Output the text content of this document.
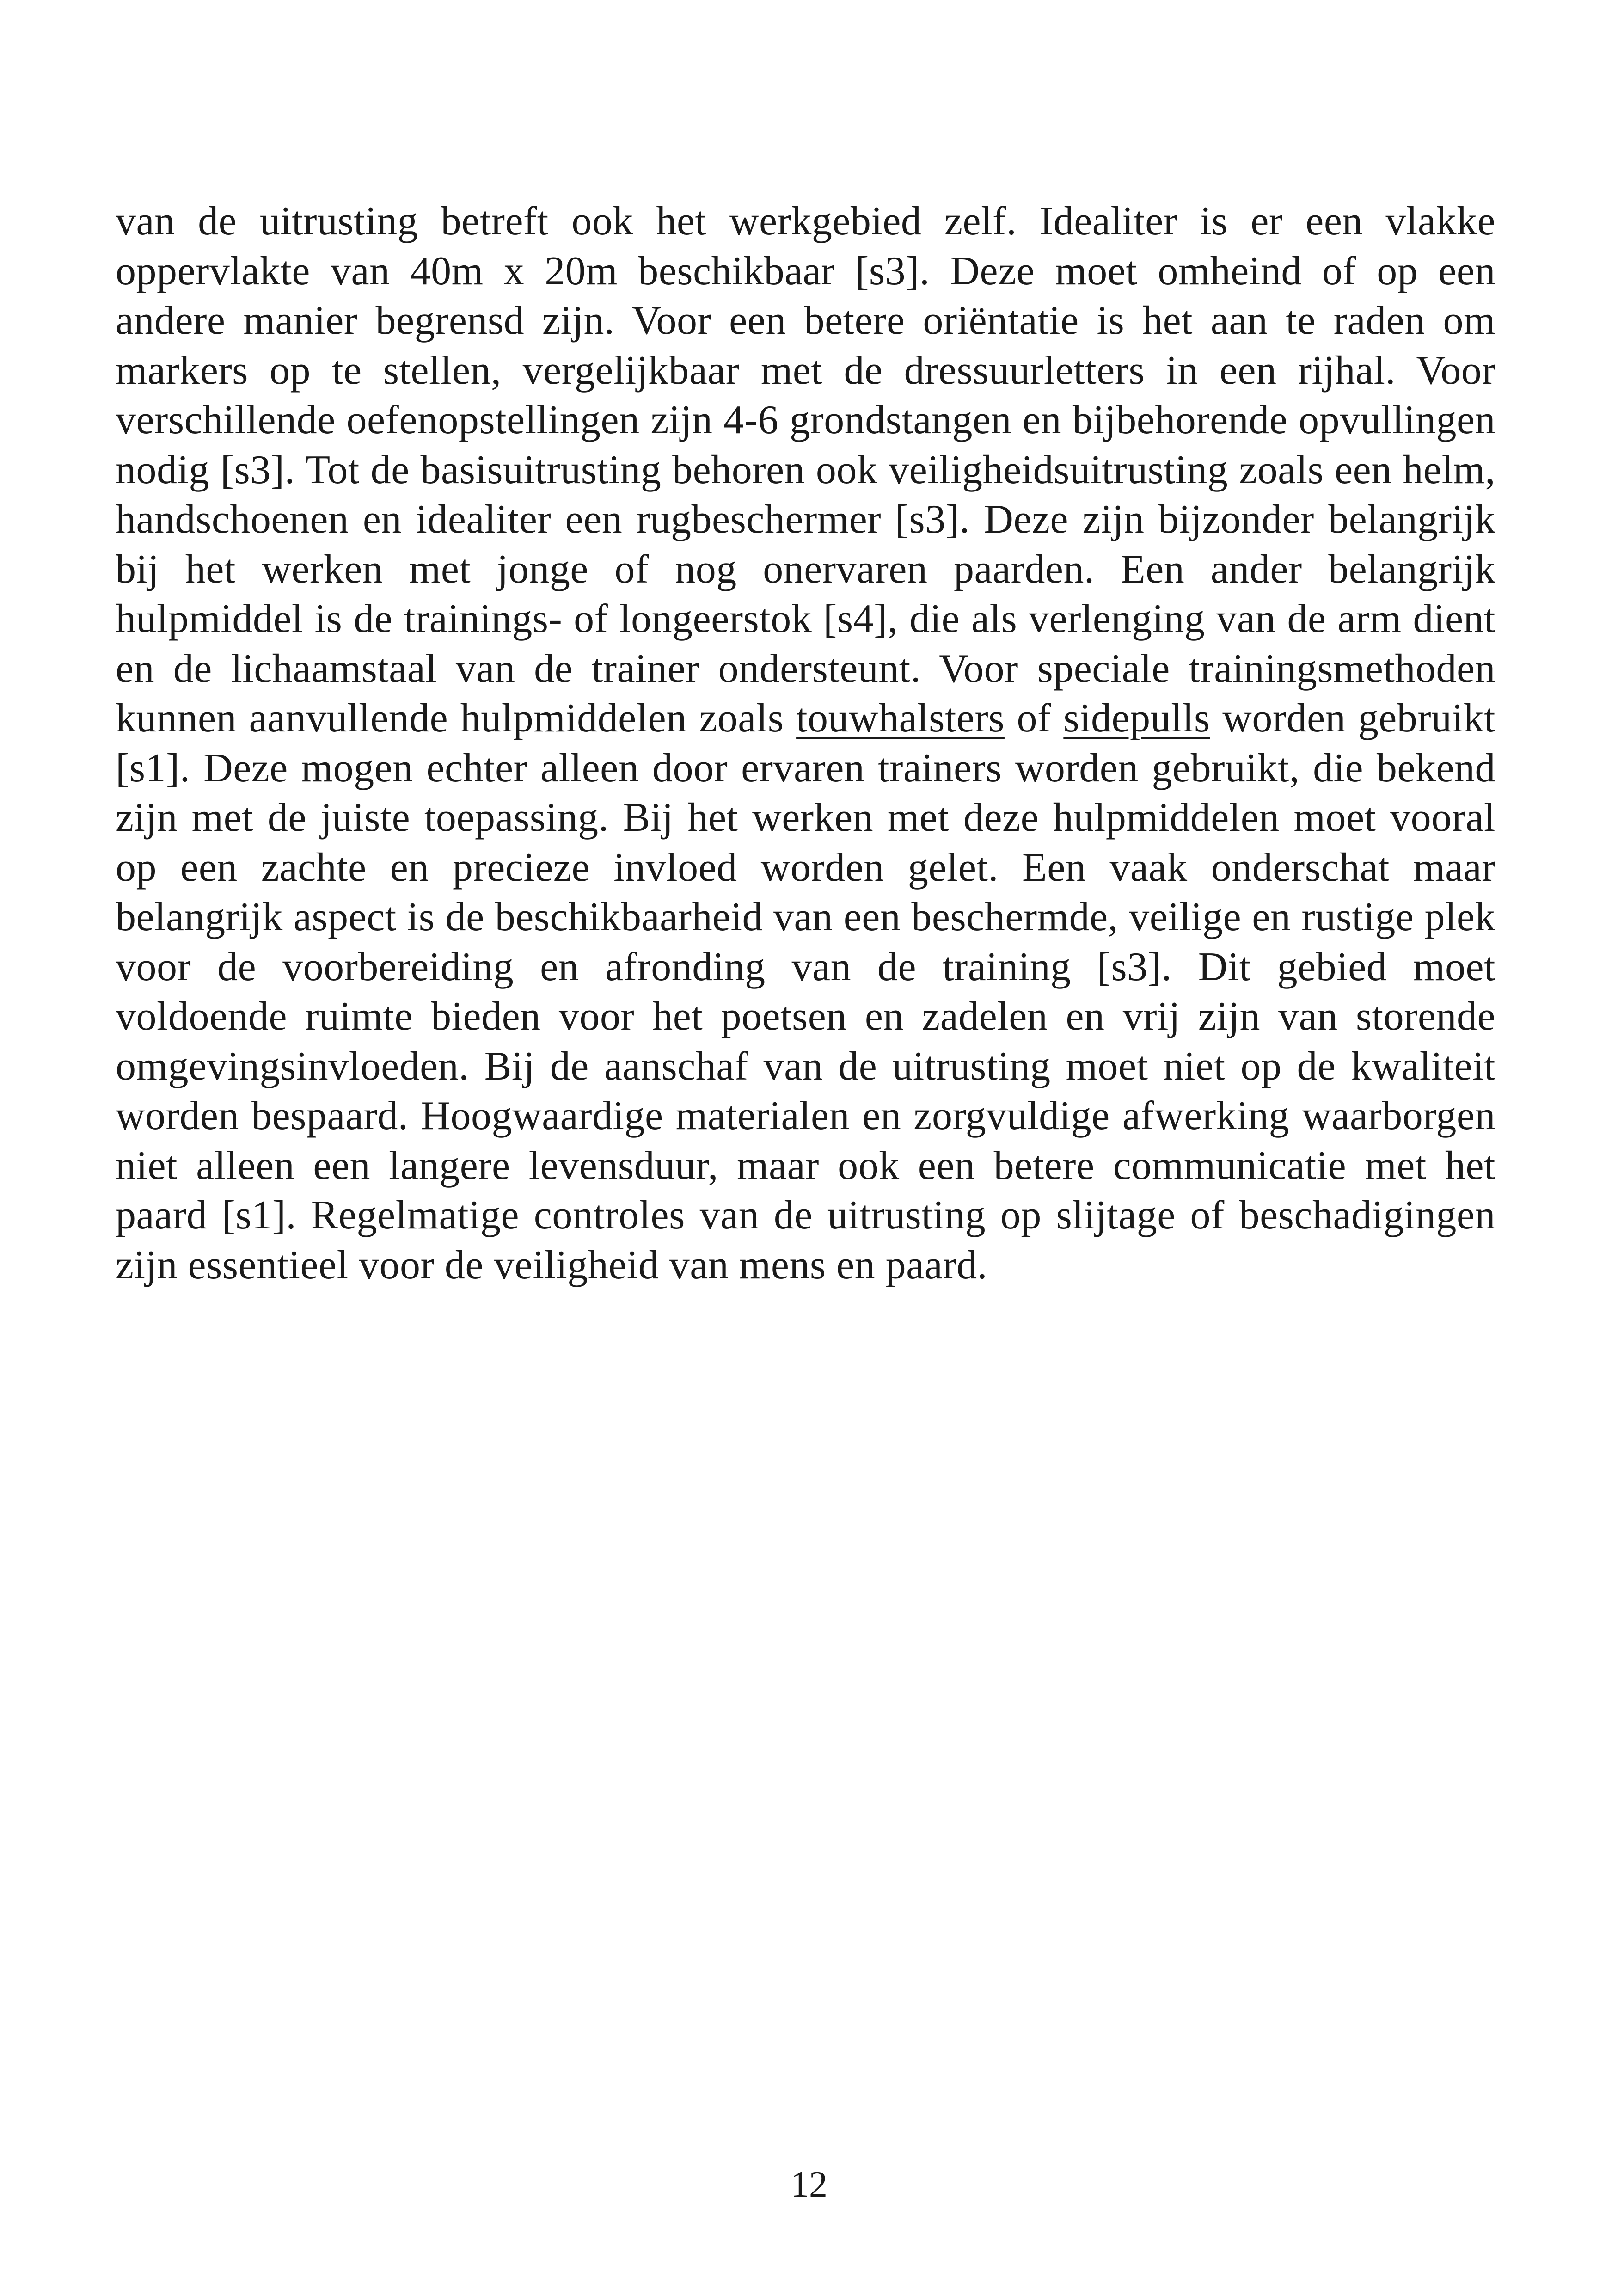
van de uitrusting betreft ook het werkgebied zelf. Idealiter is er een vlakke oppervlakte van 40m x 20m beschikbaar [s3]. Deze moet omheind of op een andere manier begrensd zijn. Voor een betere oriëntatie is het aan te raden om markers op te stellen, vergelijkbaar met de dressuurletters in een rijhal. Voor verschillende oefenopstellingen zijn 4-6 grondstangen en bijbehorende opvullingen nodig [s3]. Tot de basisuitrusting behoren ook veiligheidsuitrusting zoals een helm, handschoenen en idealiter een rugbeschermer [s3]. Deze zijn bijzonder belangrijk bij het werken met jonge of nog onervaren paarden. Een ander belangrijk hulpmiddel is de trainings- of longeerstok [s4], die als verlenging van de arm dient en de lichaamstaal van de trainer ondersteunt. Voor speciale trainingsmethoden kunnen aanvullende hulpmiddelen zoals touwhalsters of sidepulls worden gebruikt [s1]. Deze mogen echter alleen door ervaren trainers worden gebruikt, die bekend zijn met de juiste toepassing. Bij het werken met deze hulpmiddelen moet vooral op een zachte en precieze invloed worden gelet. Een vaak onderschat maar belangrijk aspect is de beschikbaarheid van een beschermde, veilige en rustige plek voor de voorbereiding en afronding van de training [s3]. Dit gebied moet voldoende ruimte bieden voor het poetsen en zadelen en vrij zijn van storende omgevingsinvloeden. Bij de aanschaf van de uitrusting moet niet op de kwaliteit worden bespaard. Hoogwaardige materialen en zorgvuldige afwerking waarborgen niet alleen een langere levensduur, maar ook een betere communicatie met het paard [s1]. Regelmatige controles van de uitrusting op slijtage of beschadigingen zijn essentieel voor de veiligheid van mens en paard.

12
